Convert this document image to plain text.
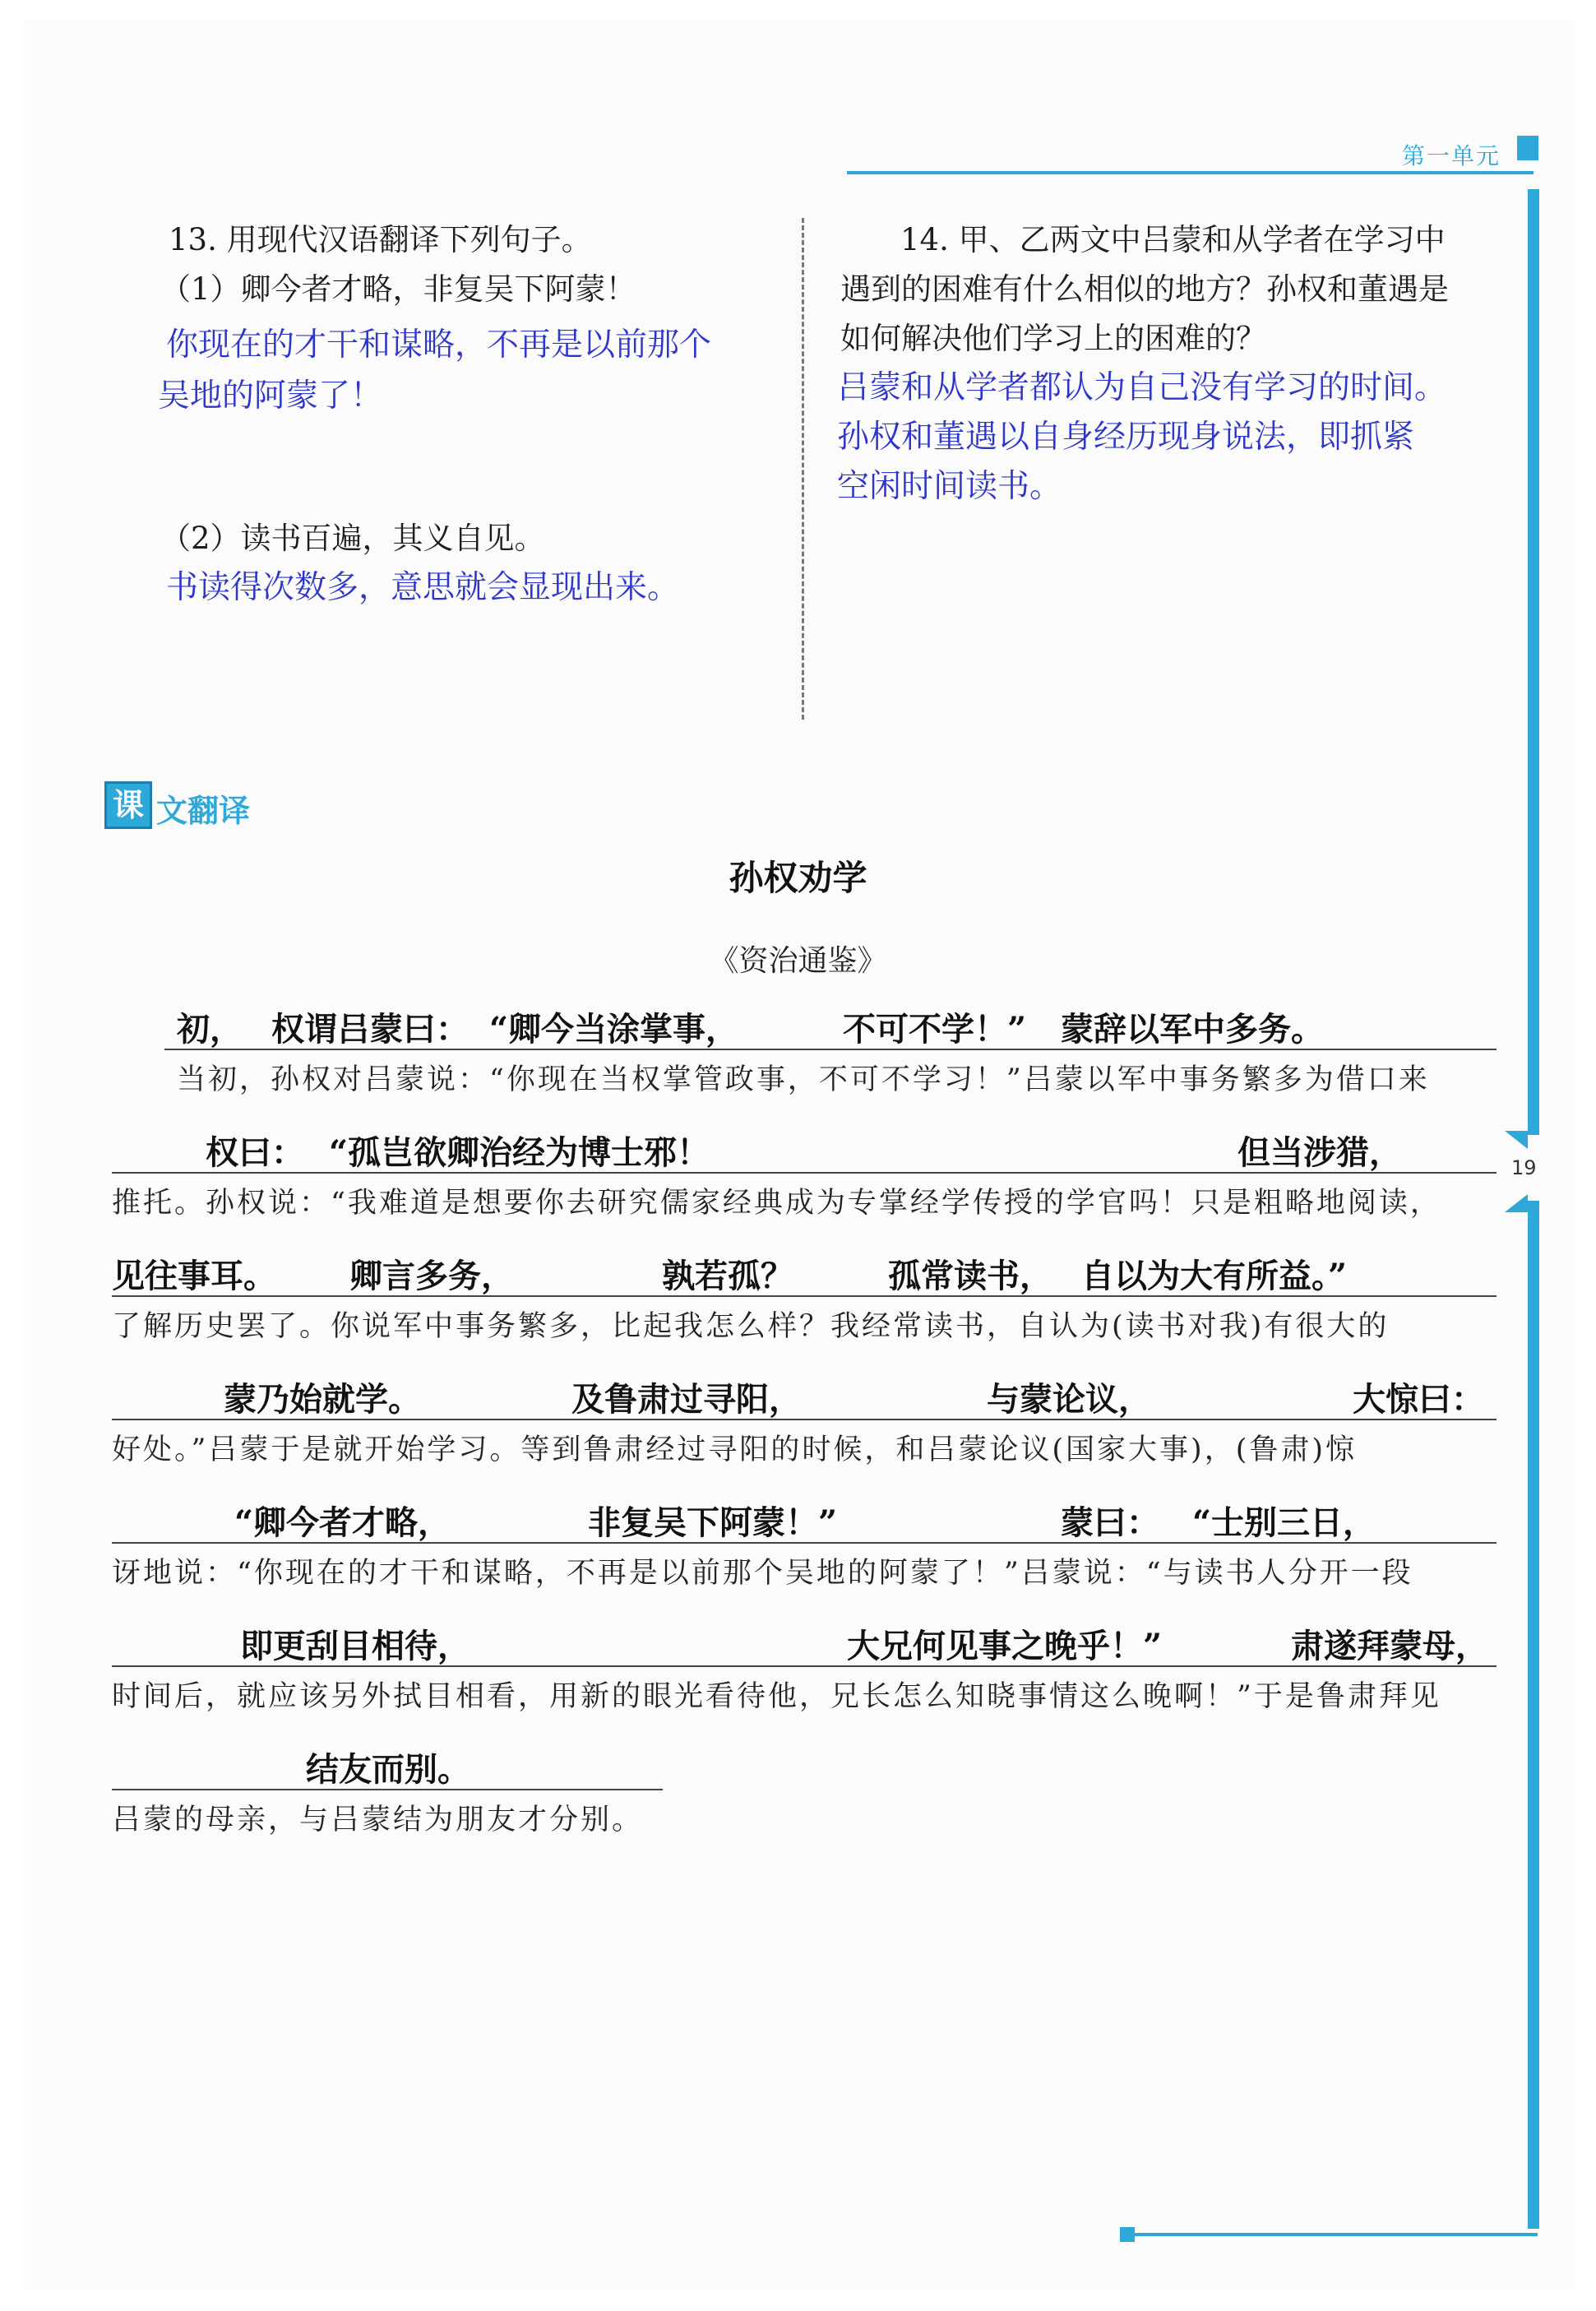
第一单元
19
13. 用现代汉语翻译下列句子。
（1）卿今者才略，非复吴下阿蒙！
你现在的才干和谋略，不再是以前那个
吴地的阿蒙了！
（2）读书百遍，其义自见。
书读得次数多，意思就会显现出来。
14. 甲、乙两文中吕蒙和从学者在学习中
遇到的困难有什么相似的地方？孙权和董遇是
如何解决他们学习上的困难的？
吕蒙和从学者都认为自己没有学习的时间。
孙权和董遇以自身经历现身说法，即抓紧
空闲时间读书。
课 文翻译
孙权劝学
《资治通鉴》
初， 权谓吕蒙曰： “卿今当涂掌事，	不可不学！” 蒙辞以军中多务。
当初，孙权对吕蒙说：“你现在当权掌管政事，不可不学习！”吕蒙以军中事务繁多为借口来
权曰： “孤岂欲卿治经为博士邪！	但当涉猎，
推托。孙权说：“我难道是想要你去研究儒家经典成为专掌经学传授的学官吗！只是粗略地阅读，
见往事耳。 卿言多务，	孰若孤？	孤常读书， 自以为大有所益。”
了解历史罢了。你说军中事务繁多，比起我怎么样？我经常读书，自认为(读书对我)有很大的
蒙乃始就学。	及鲁肃过寻阳，	与蒙论议，	大惊曰：
好处。”吕蒙于是就开始学习。等到鲁肃经过寻阳的时候，和吕蒙论议(国家大事)，(鲁肃)惊
“卿今者才略，	非复吴下阿蒙！”	蒙曰： “士别三日，
讶地说：“你现在的才干和谋略，不再是以前那个吴地的阿蒙了！”吕蒙说：“与读书人分开一段
即更刮目相待，	大兄何见事之晚乎！”	肃遂拜蒙母，
时间后，就应该另外拭目相看，用新的眼光看待他，兄长怎么知晓事情这么晚啊！”于是鲁肃拜见
结友而别。
吕蒙的母亲，与吕蒙结为朋友才分别。
